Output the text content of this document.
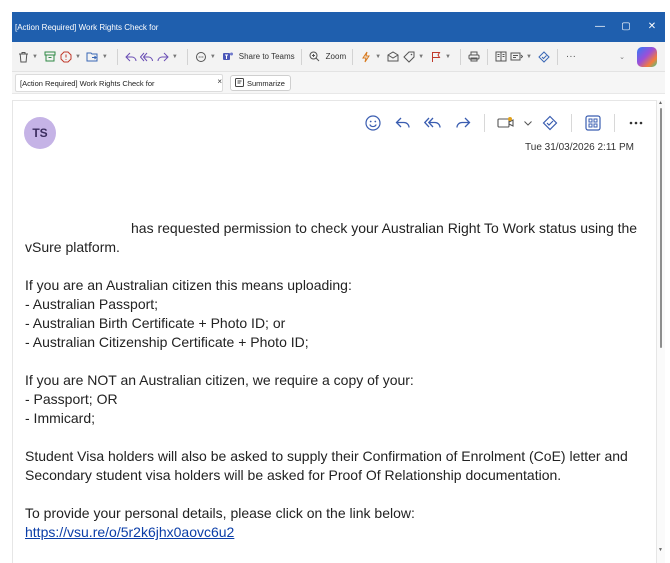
[Action Required] Work Rights Check for	—	▢	✕
▼	▼	▼	▼	▼	Share to Teams	Zoom	▼	▼	▼	▼	···	⌄
[Action Required] Work Rights Check for	×	Summarize
TS
Tue 31/03/2026 2:11 PM

has requested permission to check your Australian Right To Work status using the

vSure platform.

If you are an Australian citizen this means uploading:

- Australian Passport;

- Australian Birth Certificate + Photo ID; or

- Australian Citizenship Certificate + Photo ID;

If you are NOT an Australian citizen, we require a copy of your:

- Passport; OR

- Immicard;

Student Visa holders will also be asked to supply their Confirmation of Enrolment (CoE) letter and

Secondary student visa holders will be asked for Proof Of Relationship documentation.

To provide your personal details, please click on the link below:

https://vsu.re/o/5r2k6jhx0aovc6u2

▲
▼
